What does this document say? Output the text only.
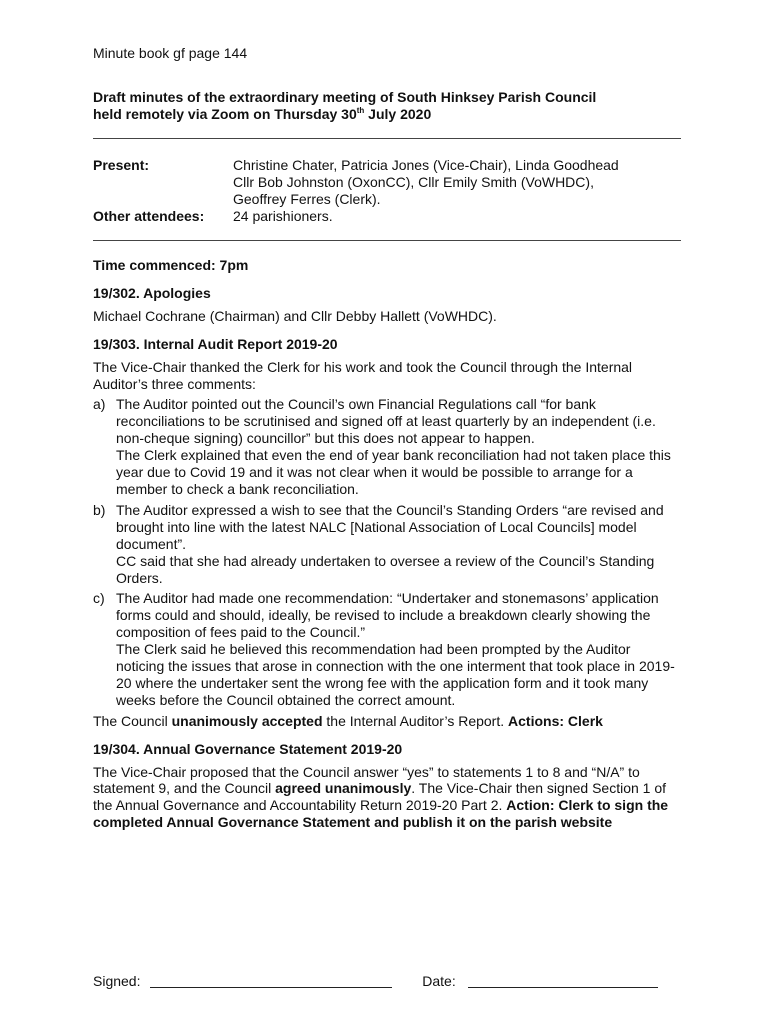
Minute book gf page 144
Draft minutes of the extraordinary meeting of South Hinksey Parish Council
held remotely via Zoom on Thursday 30th July 2020
Present:	Christine Chater, Patricia Jones (Vice-Chair), Linda Goodhead
Cllr Bob Johnston (OxonCC), Cllr Emily Smith (VoWHDC),
Geoffrey Ferres (Clerk).
Other attendees:	24 parishioners.

Time commenced: 7pm

19/302. Apologies

Michael Cochrane (Chairman) and Cllr Debby Hallett (VoWHDC).

19/303. Internal Audit Report 2019-20

The Vice-Chair thanked the Clerk for his work and took the Council through the Internal Auditor’s three comments:

a) The Auditor pointed out the Council’s own Financial Regulations call “for bank reconciliations to be scrutinised and signed off at least quarterly by an independent (i.e. non-cheque signing) councillor” but this does not appear to happen.
The Clerk explained that even the end of year bank reconciliation had not taken place this year due to Covid 19 and it was not clear when it would be possible to arrange for a member to check a bank reconciliation.
b) The Auditor expressed a wish to see that the Council’s Standing Orders “are revised and brought into line with the latest NALC [National Association of Local Councils] model document”.
CC said that she had already undertaken to oversee a review of the Council’s Standing Orders.
c) The Auditor had made one recommendation: “Undertaker and stonemasons’ application forms could and should, ideally, be revised to include a breakdown clearly showing the composition of fees paid to the Council.”
The Clerk said he believed this recommendation had been prompted by the Auditor noticing the issues that arose in connection with the one interment that took place in 2019-20 where the undertaker sent the wrong fee with the application form and it took many weeks before the Council obtained the correct amount.

The Council unanimously accepted the Internal Auditor’s Report. Actions: Clerk

19/304. Annual Governance Statement 2019-20

The Vice-Chair proposed that the Council answer “yes” to statements 1 to 8 and “N/A” to statement 9, and the Council agreed unanimously. The Vice-Chair then signed Section 1 of the Annual Governance and Accountability Return 2019-20 Part 2. Action: Clerk to sign the completed Annual Governance Statement and publish it on the parish website

Signed:	Date:
